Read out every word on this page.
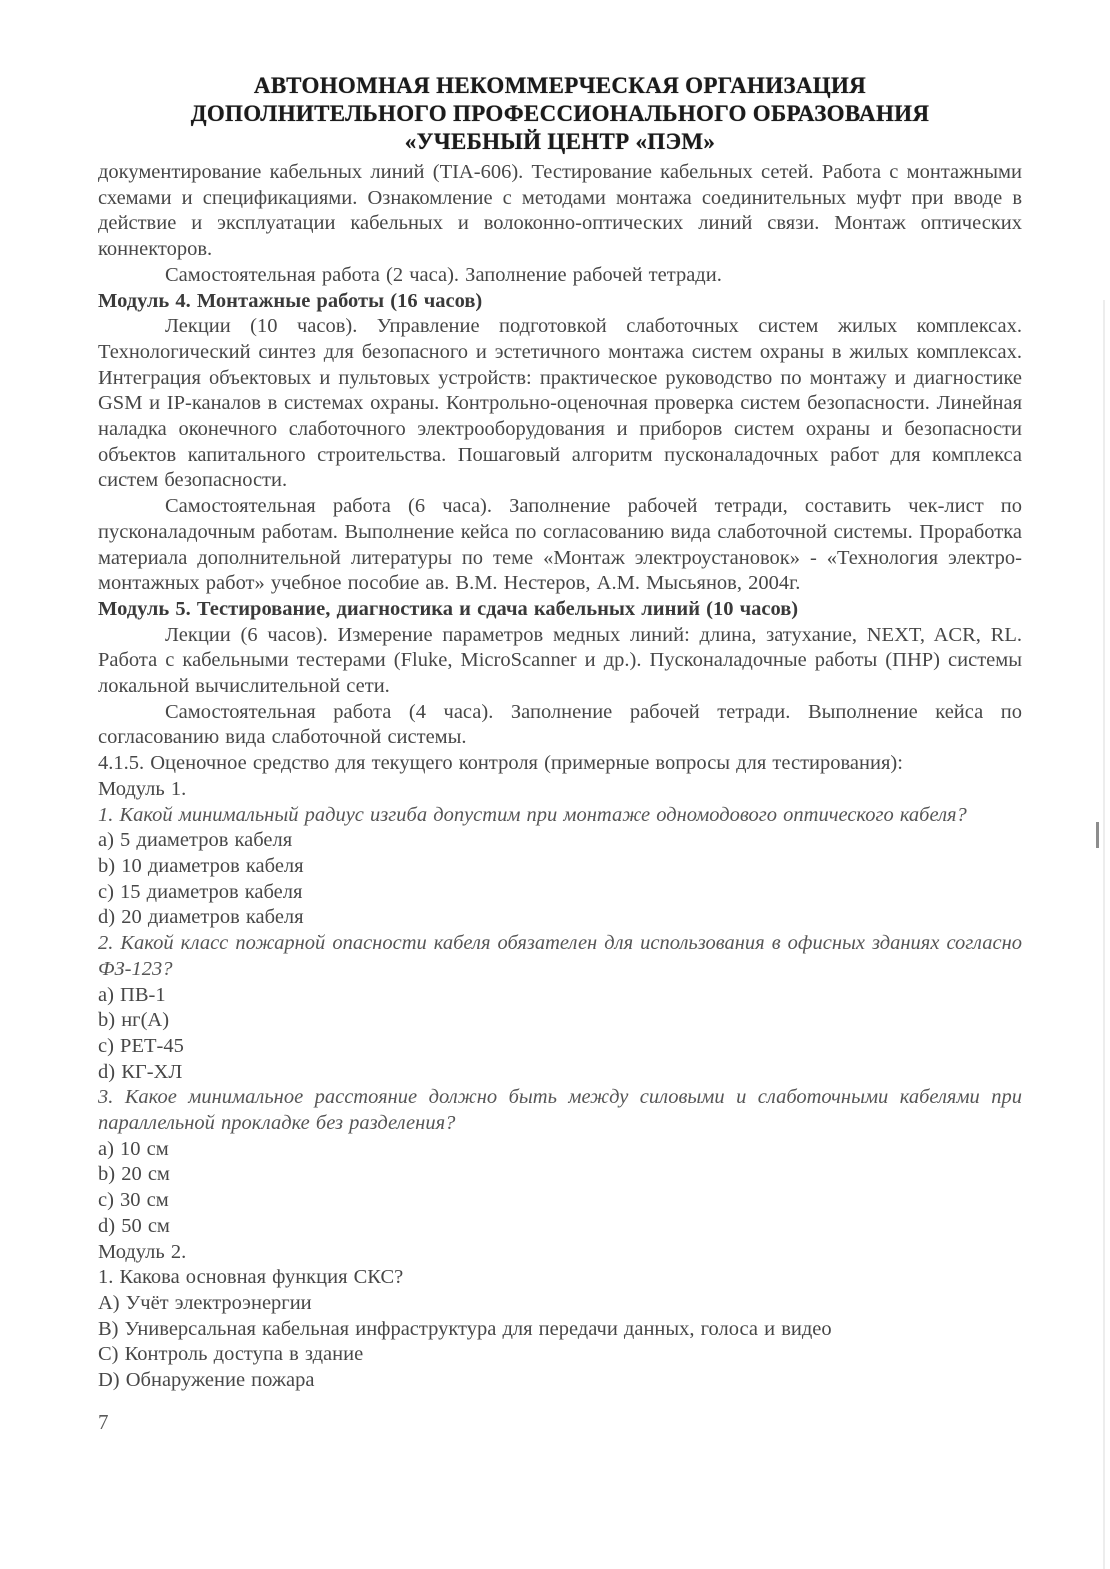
АВТОНОМНАЯ НЕКОММЕРЧЕСКАЯ ОРГАНИЗАЦИЯ
ДОПОЛНИТЕЛЬНОГО ПРОФЕССИОНАЛЬНОГО ОБРАЗОВАНИЯ
«УЧЕБНЫЙ ЦЕНТР «ПЭМ»

документирование кабельных линий (TIA-606). Тестирование кабельных сетей. Работа с монтажными схемами и спецификациями. Ознакомление с методами монтажа соединительных муфт при вводе в действие и эксплуатации кабельных и волоконно-оптических линий связи. Монтаж оптических коннекторов.

Самостоятельная работа (2 часа). Заполнение рабочей тетради.

Модуль 4. Монтажные работы (16 часов)

Лекции (10 часов). Управление подготовкой слаботочных систем жилых комплексах. Технологический синтез для безопасного и эстетичного монтажа систем охраны в жилых комплексах. Интеграция объектовых и пультовых устройств: практическое руководство по монтажу и диагностике GSM и IP-каналов в системах охраны. Контрольно-оценочная проверка систем безопасности. Линейная наладка оконечного слаботочного электрооборудования и приборов систем охраны и безопасности объектов капитального строительства. Пошаговый алгоритм пусконаладочных работ для комплекса систем безопасности.

Самостоятельная работа (6 часа). Заполнение рабочей тетради, составить чек-лист по пусконаладочным работам. Выполнение кейса по согласованию вида слаботочной системы. Проработка материала дополнительной литературы по теме «Монтаж электроустановок» - «Технология электро-монтажных работ» учебное пособие ав. В.М. Нестеров, А.М. Мысьянов, 2004г.

Модуль 5. Тестирование, диагностика и сдача кабельных линий (10 часов)

Лекции (6 часов). Измерение параметров медных линий: длина, затухание, NEXT, ACR, RL. Работа с кабельными тестерами (Fluke, MicroScanner и др.). Пусконаладочные работы (ПНР) системы локальной вычислительной сети.

Самостоятельная работа (4 часа). Заполнение рабочей тетради. Выполнение кейса по согласованию вида слаботочной системы.

4.1.5. Оценочное средство для текущего контроля (примерные вопросы для тестирования):

Модуль 1.

1. Какой минимальный радиус изгиба допустим при монтаже одномодового оптического кабеля?

a) 5 диаметров кабеля

b) 10 диаметров кабеля

c) 15 диаметров кабеля

d) 20 диаметров кабеля

2. Какой класс пожарной опасности кабеля обязателен для использования в офисных зданиях согласно ФЗ-123?

a) ПВ-1

b) нг(А)

c) РЕТ-45

d) КГ-ХЛ

3. Какое минимальное расстояние должно быть между силовыми и слаботочными кабелями при параллельной прокладке без разделения?

a) 10 см

b) 20 см

c) 30 см

d) 50 см

Модуль 2.

1. Какова основная функция СКС?

А) Учёт электроэнергии

В) Универсальная кабельная инфраструктура для передачи данных, голоса и видео

С) Контроль доступа в здание

D) Обнаружение пожара

7
